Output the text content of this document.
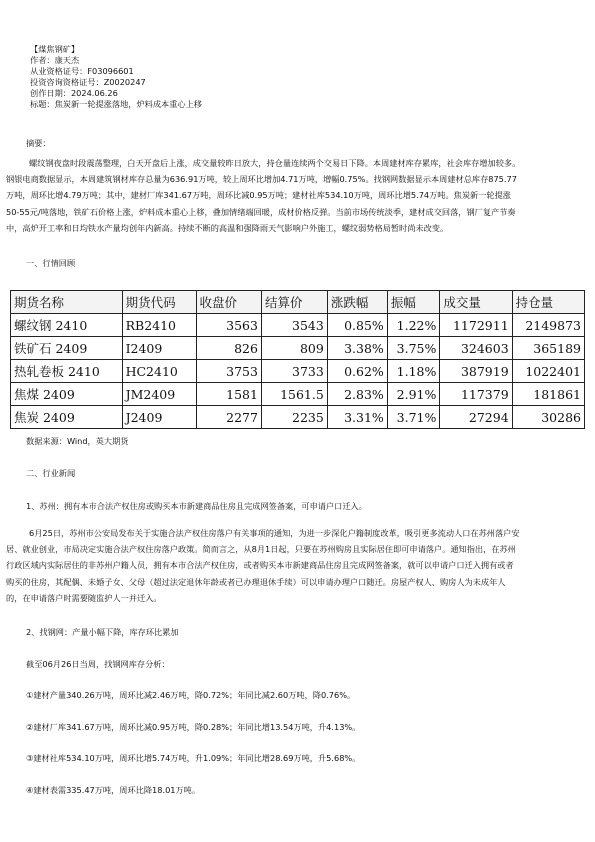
【煤焦钢矿】
作者：康天杰
从业资格证号：F03096601
投资咨询资格证号：Z0020247
创作日期：2024.06.26
标题：焦炭新一轮提涨落地，炉料成本重心上移
摘要：
螺纹钢夜盘时段震荡整理，白天开盘后上涨，成交量较昨日放大，持仓量连续两个交易日下降。本周建材库存累库，社会库存增加较多。
钢银电商数据显示，本周建筑钢材库存总量为636.91万吨，较上周环比增加4.71万吨，增幅0.75%。找钢网数据显示本周建材总库存875.77
万吨，周环比增4.79万吨；其中，建材厂库341.67万吨，周环比减0.95万吨；建材社库534.10万吨，周环比增5.74万吨。焦炭新一轮提涨
50-55元/吨落地，铁矿石价格上涨，炉料成本重心上移，叠加情绪端回暖，成材价格反弹。当前市场传统淡季，建材成交回落，钢厂复产节奏
中，高炉开工率和日均铁水产量均创年内新高。持续不断的高温和强降雨天气影响户外施工，螺纹弱势格局暂时尚未改变。
一、行情回顾
期货名称	期货代码	收盘价	结算价	涨跌幅	振幅	成交量	持仓量
螺纹钢 2410	RB2410	3563	3543	0.85%	1.22%	1172911	2149873
铁矿石 2409	I2409	826	809	3.38%	3.75%	324603	365189
热轧卷板 2410	HC2410	3753	3733	0.62%	1.18%	387919	1022401
焦煤 2409	JM2409	1581	1561.5	2.83%	2.91%	117379	181861
焦炭 2409	J2409	2277	2235	3.31%	3.71%	27294	30286
数据来源：Wind，英大期货
二、行业新闻
1、苏州：拥有本市合法产权住房或购买本市新建商品住房且完成网签备案，可申请户口迁入。
6月25日，苏州市公安局发布关于实施合法产权住房落户有关事项的通知，为进一步深化户籍制度改革，吸引更多流动人口在苏州落户安
居、就业创业，市局决定实施合法产权住房落户政策。简而言之，从8月1日起，只要在苏州购房且实际居住即可申请落户。通知指出，在苏州
行政区域内实际居住的非苏州户籍人员，拥有本市合法产权住房，或者购买本市新建商品住房且完成网签备案，就可以申请户口迁入拥有或者
购买的住房，其配偶、未婚子女、父母（超过法定退休年龄或者已办理退休手续）可以申请办理户口随迁。房屋产权人、购房人为未成年人
的，在申请落户时需要随监护人一并迁入。
2、找钢网：产量小幅下降，库存环比累加
截至06月26日当周，找钢网库存分析：
①建材产量340.26万吨，周环比减2.46万吨，降0.72%；年同比减2.60万吨，降0.76%。
②建材厂库341.67万吨，周环比减0.95万吨，降0.28%；年同比增13.54万吨，升4.13%。
③建材社库534.10万吨，周环比增5.74万吨，升1.09%；年同比增28.69万吨，升5.68%。
④建材表需335.47万吨，周环比降18.01万吨。
